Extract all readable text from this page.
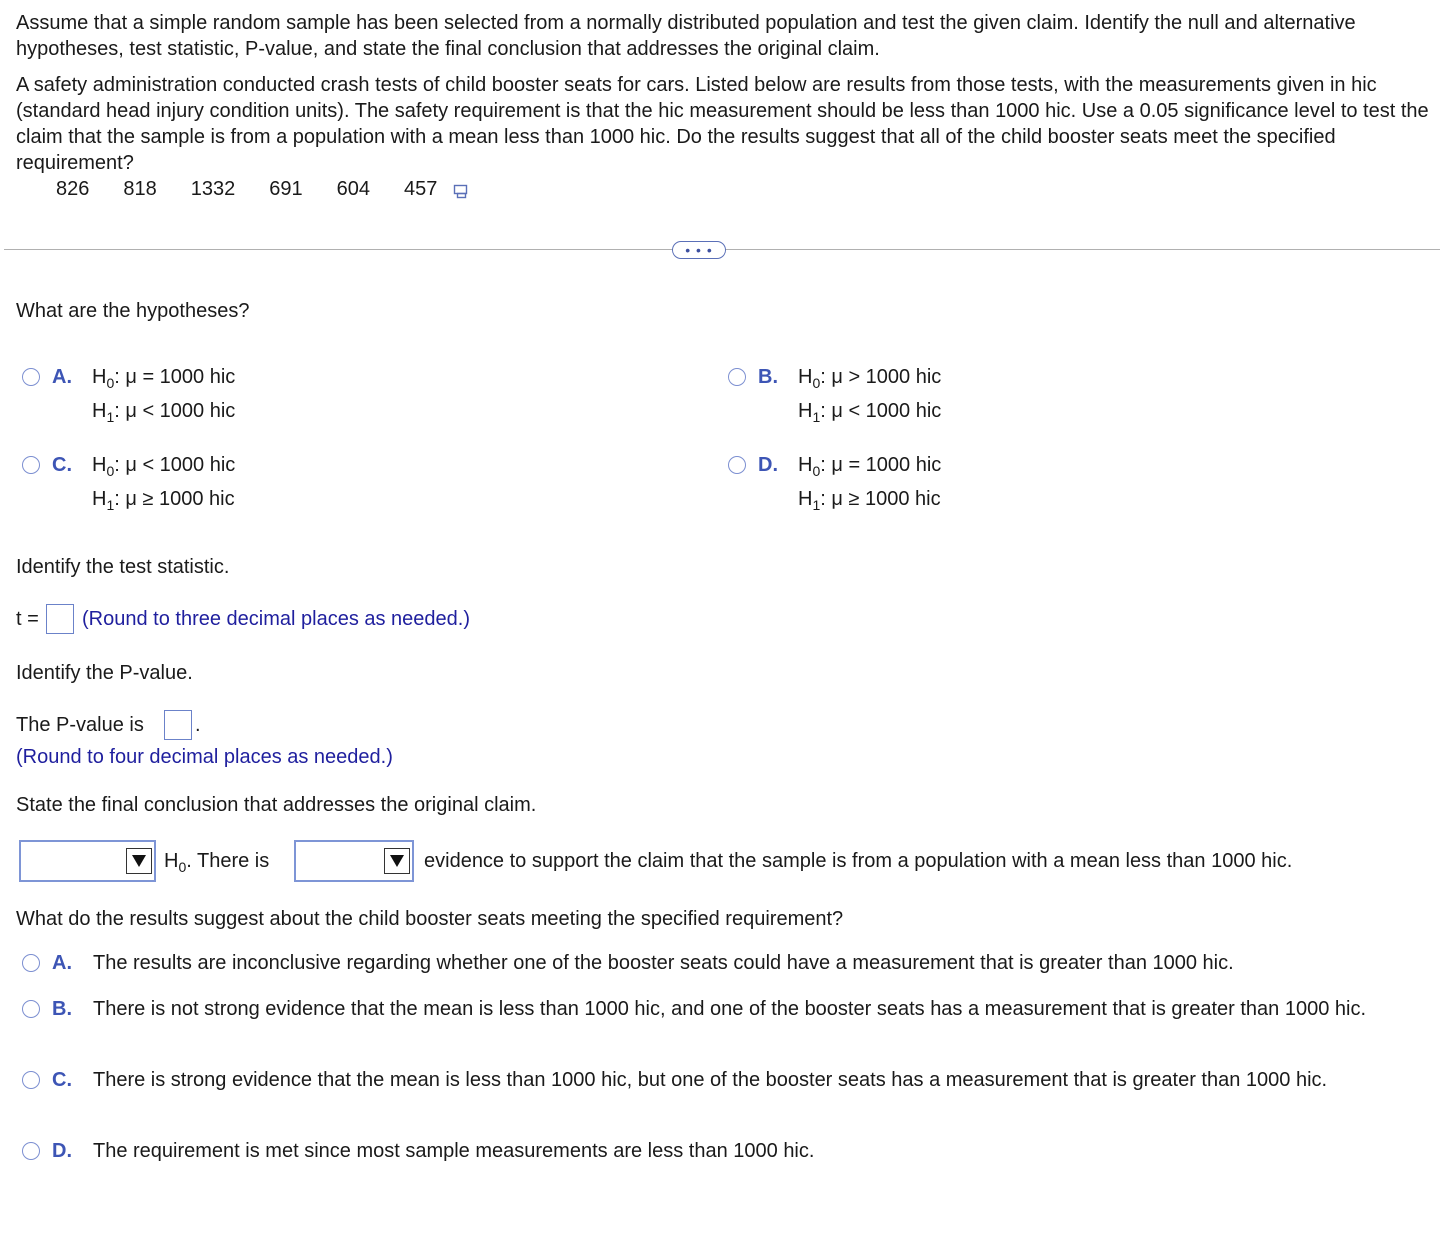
Assume that a simple random sample has been selected from a normally distributed population and test the given claim. Identify the null and alternative hypotheses, test statistic, P-value, and state the final conclusion that addresses the original claim.
A safety administration conducted crash tests of child booster seats for cars. Listed below are results from those tests, with the measurements given in hic (standard head injury condition units). The safety requirement is that the hic measurement should be less than 1000 hic. Use a 0.05 significance level to test the claim that the sample is from a population with a mean less than 1000 hic. Do the results suggest that all of the child booster seats meet the specified requirement?
826 818 1332 691 604 457
• • •
What are the hypotheses?
A. $H_0$: μ = 1000 hic
$H_1$: μ < 1000 hic
B. $H_0$: μ > 1000 hic
$H_1$: μ < 1000 hic
C. $H_0$: μ < 1000 hic
$H_1$: μ ≥ 1000 hic
D. $H_0$: μ = 1000 hic
$H_1$: μ ≥ 1000 hic
Identify the test statistic.
t = (Round to three decimal places as needed.)
Identify the P-value.
The P-value is	.
(Round to four decimal places as needed.)
State the final conclusion that addresses the original claim.
$H_0$. There is	evidence to support the claim that the sample is from a population with a mean less than 1000 hic.
What do the results suggest about the child booster seats meeting the specified requirement?
A. The results are inconclusive regarding whether one of the booster seats could have a measurement that is greater than 1000 hic.
B. There is not strong evidence that the mean is less than 1000 hic, and one of the booster seats has a measurement that is greater than 1000 hic.
C. There is strong evidence that the mean is less than 1000 hic, but one of the booster seats has a measurement that is greater than 1000 hic.
D. The requirement is met since most sample measurements are less than 1000 hic.
